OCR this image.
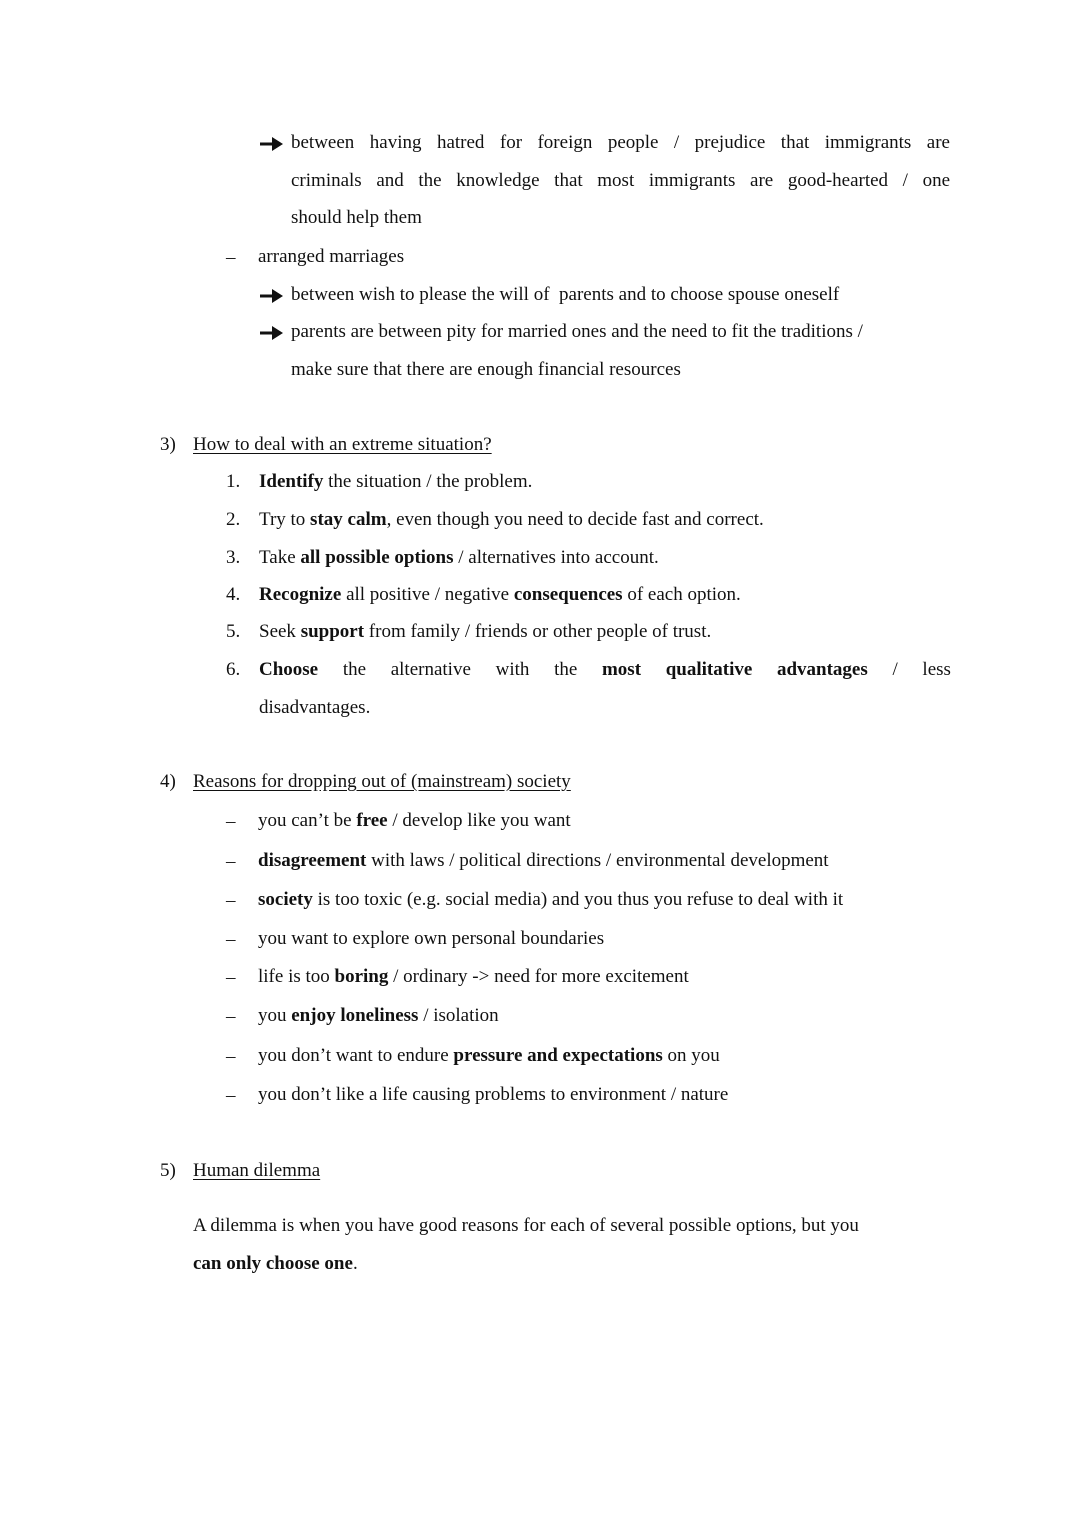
between having hatred for foreign people / prejudice that immigrants are
criminals and the knowledge that most immigrants are good-hearted / one
should help them
– arranged marriages
between wish to please the will of  parents and to choose spouse oneself
parents are between pity for married ones and the need to fit the traditions /
make sure that there are enough financial resources
3) How to deal with an extreme situation?
1. Identify the situation / the problem.
2. Try to stay calm, even though you need to decide fast and correct.
3. Take all possible options / alternatives into account.
4. Recognize all positive / negative consequences of each option.
5. Seek support from family / friends or other people of trust.
6. Choose the alternative with the most qualitative advantages / less
disadvantages.
4) Reasons for dropping out of (mainstream) society
– you can’t be free / develop like you want
– disagreement with laws / political directions / environmental development
– society is too toxic (e.g. social media) and you thus you refuse to deal with it
– you want to explore own personal boundaries
– life is too boring / ordinary -> need for more excitement
– you enjoy loneliness / isolation
– you don’t want to endure pressure and expectations on you
– you don’t like a life causing problems to environment / nature
5) Human dilemma
A dilemma is when you have good reasons for each of several possible options, but you
can only choose one.
